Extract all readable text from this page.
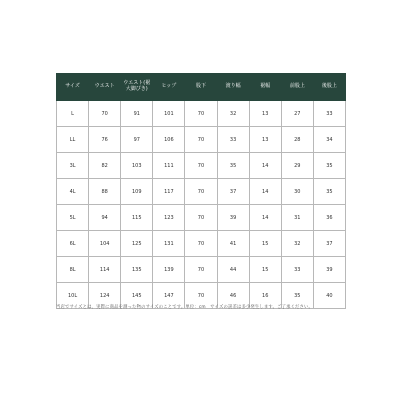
サイズ	ウエスト	ウエスト(裾
大脚びき)	ヒップ	股下	渡り幅	裾幅	前股上	後股上
L	70	91	101	70	32	13	27	33
LL	76	97	106	70	33	13	28	34
3L	82	103	111	70	35	14	29	35
4L	88	109	117	70	37	14	30	35
5L	94	115	123	70	39	14	31	36
6L	104	125	131	70	41	15	32	37
8L	114	135	139	70	44	15	33	39
10L	124	145	147	70	46	16	35	40
当店でサイズとは、実際に商品を測った物のサイズのことです。単位：cm　サイズの誤差は多少発生します。ご了承ください。
